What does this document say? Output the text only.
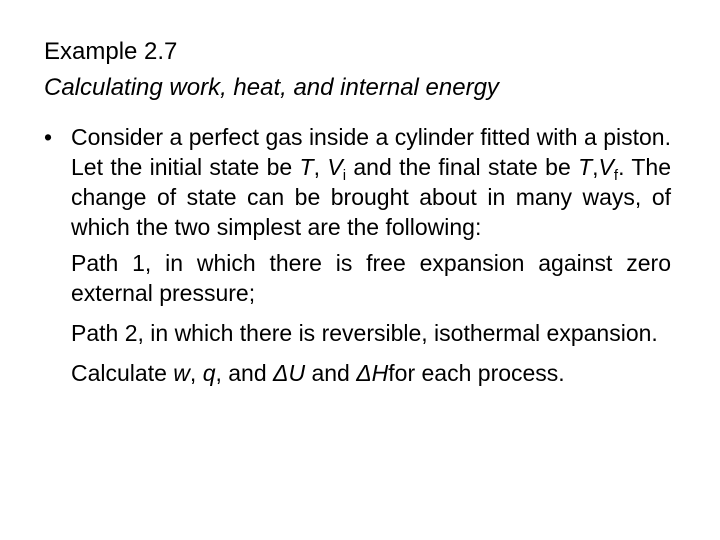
Example 2.7
Calculating work, heat, and internal energy
• Consider a perfect gas inside a cylinder fitted with a piston. Let the initial state be T, $V_i$ and the final state be $T,V_f$. The change of state can be brought about in many ways, of which the two simplest are the following:

Path 1, in which there is free expansion against zero external pressure;

Path 2, in which there is reversible, isothermal expansion.

Calculate w, q, and ΔU and ΔHfor each process.
